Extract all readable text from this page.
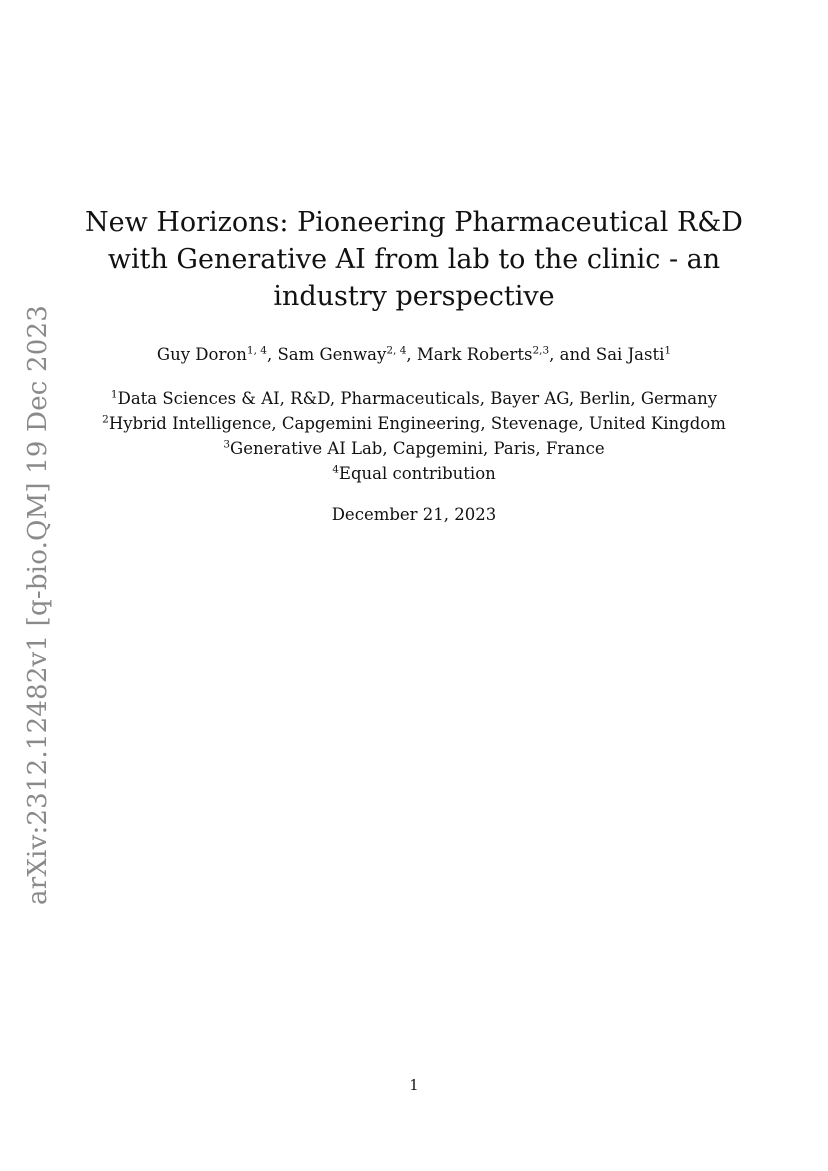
arXiv:2312.12482v1 [q-bio.QM] 19 Dec 2023
New Horizons: Pioneering Pharmaceutical R&D with Generative AI from lab to the clinic - an industry perspective
Guy Doron$^{1, 4}$, Sam Genway$^{2, 4}$, Mark Roberts$^{2,3}$, and Sai Jasti$^1$
$^1$Data Sciences & AI, R&D, Pharmaceuticals, Bayer AG, Berlin, Germany
$^2$Hybrid Intelligence, Capgemini Engineering, Stevenage, United Kingdom
$^3$Generative AI Lab, Capgemini, Paris, France
$^4$Equal contribution
December 21, 2023
1
